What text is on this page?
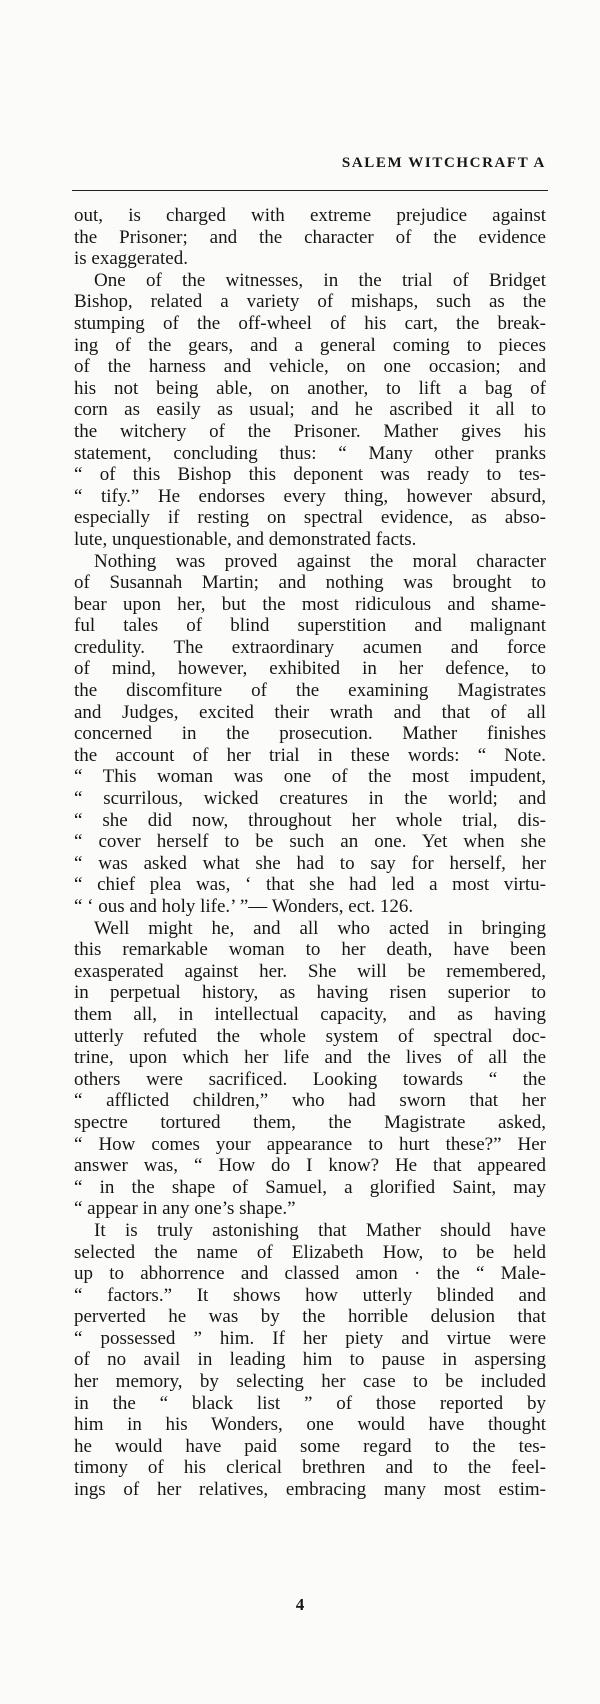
SALEM WITCHCRAFT A
out, is charged with extreme prejudice against
the Prisoner; and the character of the evidence
is exaggerated.
One of the witnesses, in the trial of Bridget
Bishop, related a variety of mishaps, such as the
stumping of the off-wheel of his cart, the break-
ing of the gears, and a general coming to pieces
of the harness and vehicle, on one occasion; and
his not being able, on another, to lift a bag of
corn as easily as usual; and he ascribed it all to
the witchery of the Prisoner. Mather gives his
statement, concluding thus: “ Many other pranks
“ of this Bishop this deponent was ready to tes-
“ tify.” He endorses every thing, however absurd,
especially if resting on spectral evidence, as abso-
lute, unquestionable, and demonstrated facts.
Nothing was proved against the moral character
of Susannah Martin; and nothing was brought to
bear upon her, but the most ridiculous and shame-
ful tales of blind superstition and malignant
credulity. The extraordinary acumen and force
of mind, however, exhibited in her defence, to
the discomfiture of the examining Magistrates
and Judges, excited their wrath and that of all
concerned in the prosecution. Mather finishes
the account of her trial in these words: “ Note.
“ This woman was one of the most impudent,
“ scurrilous, wicked creatures in the world; and
“ she did now, throughout her whole trial, dis-
“ cover herself to be such an one. Yet when she
“ was asked what she had to say for herself, her
“ chief plea was, ‘ that she had led a most virtu-
“ ‘ ous and holy life.’ ”— Wonders, ect. 126.
Well might he, and all who acted in bringing
this remarkable woman to her death, have been
exasperated against her. She will be remembered,
in perpetual history, as having risen superior to
them all, in intellectual capacity, and as having
utterly refuted the whole system of spectral doc-
trine, upon which her life and the lives of all the
others were sacrificed. Looking towards “ the
“ afflicted children,” who had sworn that her
spectre tortured them, the Magistrate asked,
“ How comes your appearance to hurt these?” Her
answer was, “ How do I know? He that appeared
“ in the shape of Samuel, a glorified Saint, may
“ appear in any one’s shape.”
It is truly astonishing that Mather should have
selected the name of Elizabeth How, to be held
up to abhorrence and classed amon · the “ Male-
“ factors.” It shows how utterly blinded and
perverted he was by the horrible delusion that
“ possessed ” him. If her piety and virtue were
of no avail in leading him to pause in aspersing
her memory, by selecting her case to be included
in the “ black list ” of those reported by
him in his Wonders, one would have thought
he would have paid some regard to the tes-
timony of his clerical brethren and to the feel-
ings of her relatives, embracing many most estim-
4
